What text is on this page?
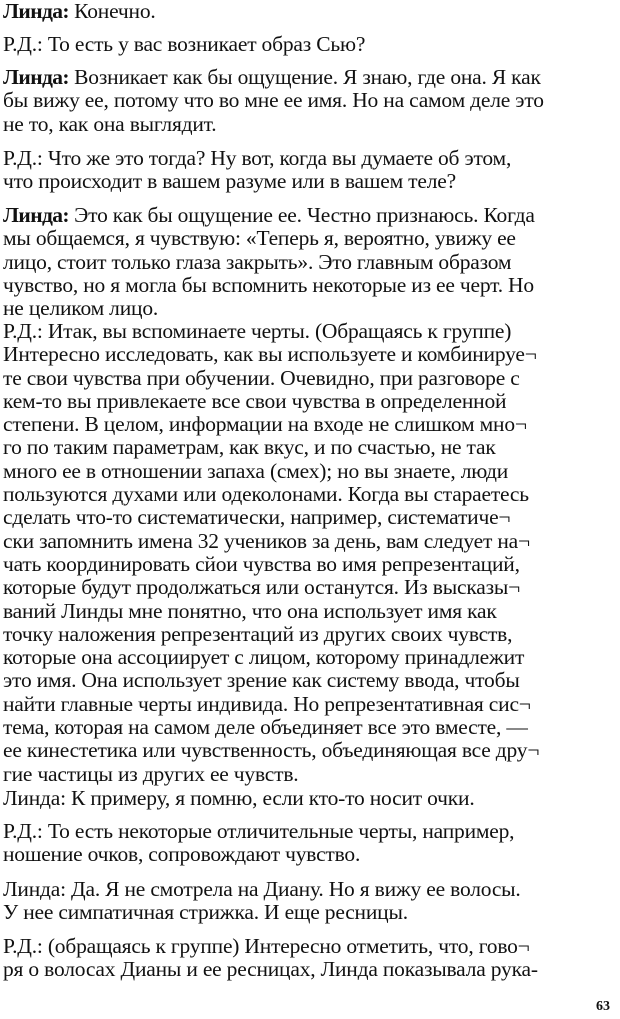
Линда: Конечно.
Р.Д.: То есть у вас возникает образ Сью?
Линда: Возникает как бы ощущение. Я знаю, где она. Я как
бы вижу ее, потому что во мне ее имя. Но на самом деле это
не то, как она выглядит.
Р.Д.: Что же это тогда? Ну вот, когда вы думаете об этом,
что происходит в вашем разуме или в вашем теле?
Линда: Это как бы ощущение ее. Честно признаюсь. Когда
мы общаемся, я чувствую: «Теперь я, вероятно, увижу ее
лицо, стоит только глаза закрыть». Это главным образом
чувство, но я могла бы вспомнить некоторые из ее черт. Но
не целиком лицо.
Р.Д.: Итак, вы вспоминаете черты. (Обращаясь к группе)
Интересно исследовать, как вы используете и комбинируе¬
те свои чувства при обучении. Очевидно, при разговоре с
кем-то вы привлекаете все свои чувства в определенной
степени. В целом, информации на входе не слишком мно¬
го по таким параметрам, как вкус, и по счастью, не так
много ее в отношении запаха (смех); но вы знаете, люди
пользуются духами или одеколонами. Когда вы стараетесь
сделать что-то систематически, например, систематиче¬
ски запомнить имена 32 учеников за день, вам следует на¬
чать координировать сйои чувства во имя репрезентаций,
которые будут продолжаться или останутся. Из высказы¬
ваний Линды мне понятно, что она использует имя как
точку наложения репрезентаций из других своих чувств,
которые она ассоциирует с лицом, которому принадлежит
это имя. Она использует зрение как систему ввода, чтобы
найти главные черты индивида. Но репрезентативная сис¬
тема, которая на самом деле объединяет все это вместе, —
ее кинестетика или чувственность, объединяющая все дру¬
гие частицы из других ее чувств.
Линда: К примеру, я помню, если кто-то носит очки.
Р.Д.: То есть некоторые отличительные черты, например,
ношение очков, сопровождают чувство.
Линда: Да. Я не смотрела на Диану. Но я вижу ее волосы.
У нее симпатичная стрижка. И еще ресницы.
Р.Д.: (обращаясь к группе) Интересно отметить, что, гово¬
ря о волосах Дианы и ее ресницах, Линда показывала рука-
63
